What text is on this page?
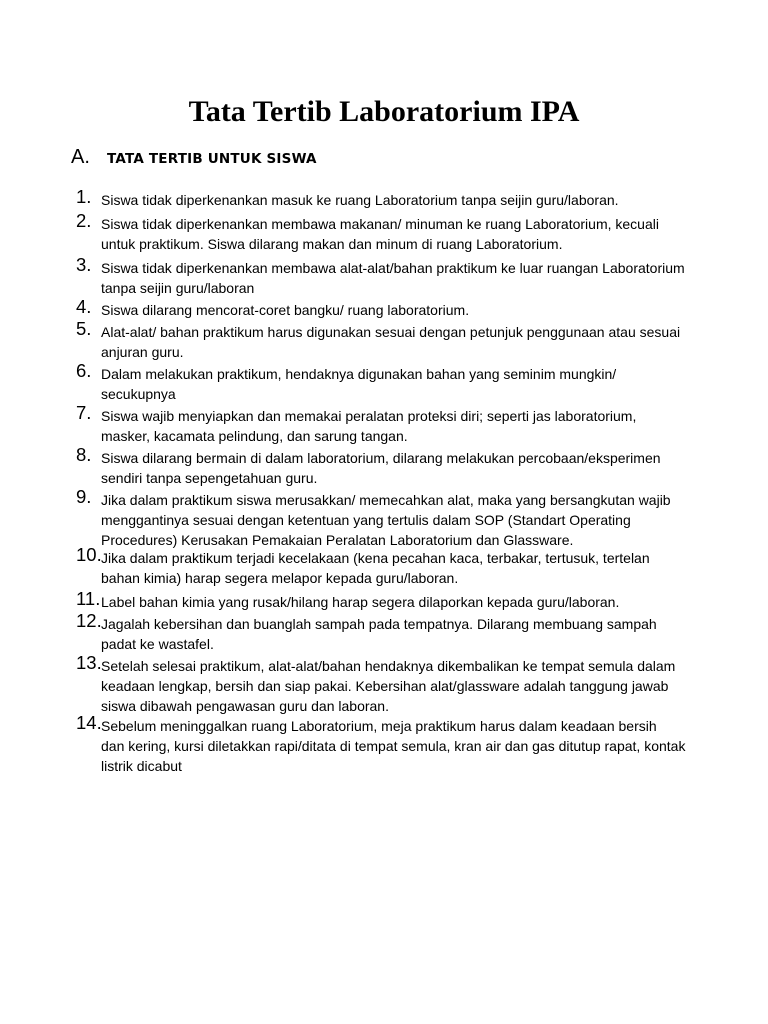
Tata Tertib Laboratorium IPA
A.	TATA TERTIB UNTUK SISWA
1. Siswa tidak diperkenankan masuk ke ruang Laboratorium tanpa seijin guru/laboran.
2. Siswa tidak diperkenankan membawa makanan/ minuman ke ruang Laboratorium, kecuali
untuk praktikum. Siswa dilarang makan dan minum di ruang Laboratorium.
3. Siswa tidak diperkenankan membawa alat-alat/bahan praktikum ke luar ruangan Laboratorium
tanpa seijin guru/laboran
4. Siswa dilarang mencorat-coret bangku/ ruang laboratorium.
5. Alat-alat/ bahan praktikum harus digunakan sesuai dengan petunjuk penggunaan atau sesuai
anjuran guru.
6. Dalam melakukan praktikum, hendaknya digunakan bahan yang seminim mungkin/
secukupnya
7. Siswa wajib menyiapkan dan memakai peralatan proteksi diri; seperti jas laboratorium,
masker, kacamata pelindung, dan sarung tangan.
8. Siswa dilarang bermain di dalam laboratorium, dilarang melakukan percobaan/eksperimen
sendiri tanpa sepengetahuan guru.
9. Jika dalam praktikum siswa merusakkan/ memecahkan alat, maka yang bersangkutan wajib
menggantinya sesuai dengan ketentuan yang tertulis dalam SOP (Standart Operating
Procedures) Kerusakan Pemakaian Peralatan Laboratorium dan Glassware.
10. Jika dalam praktikum terjadi kecelakaan (kena pecahan kaca, terbakar, tertusuk, tertelan
bahan kimia) harap segera melapor kepada guru/laboran.
11. Label bahan kimia yang rusak/hilang harap segera dilaporkan kepada guru/laboran.
12. Jagalah kebersihan dan buanglah sampah pada tempatnya. Dilarang membuang sampah
padat ke wastafel.
13. Setelah selesai praktikum, alat-alat/bahan hendaknya dikembalikan ke tempat semula dalam
keadaan lengkap, bersih dan siap pakai. Kebersihan alat/glassware adalah tanggung jawab
siswa dibawah pengawasan guru dan laboran.
14. Sebelum meninggalkan ruang Laboratorium, meja praktikum harus dalam keadaan bersih
dan kering, kursi diletakkan rapi/ditata di tempat semula, kran air dan gas ditutup rapat, kontak
listrik dicabut
